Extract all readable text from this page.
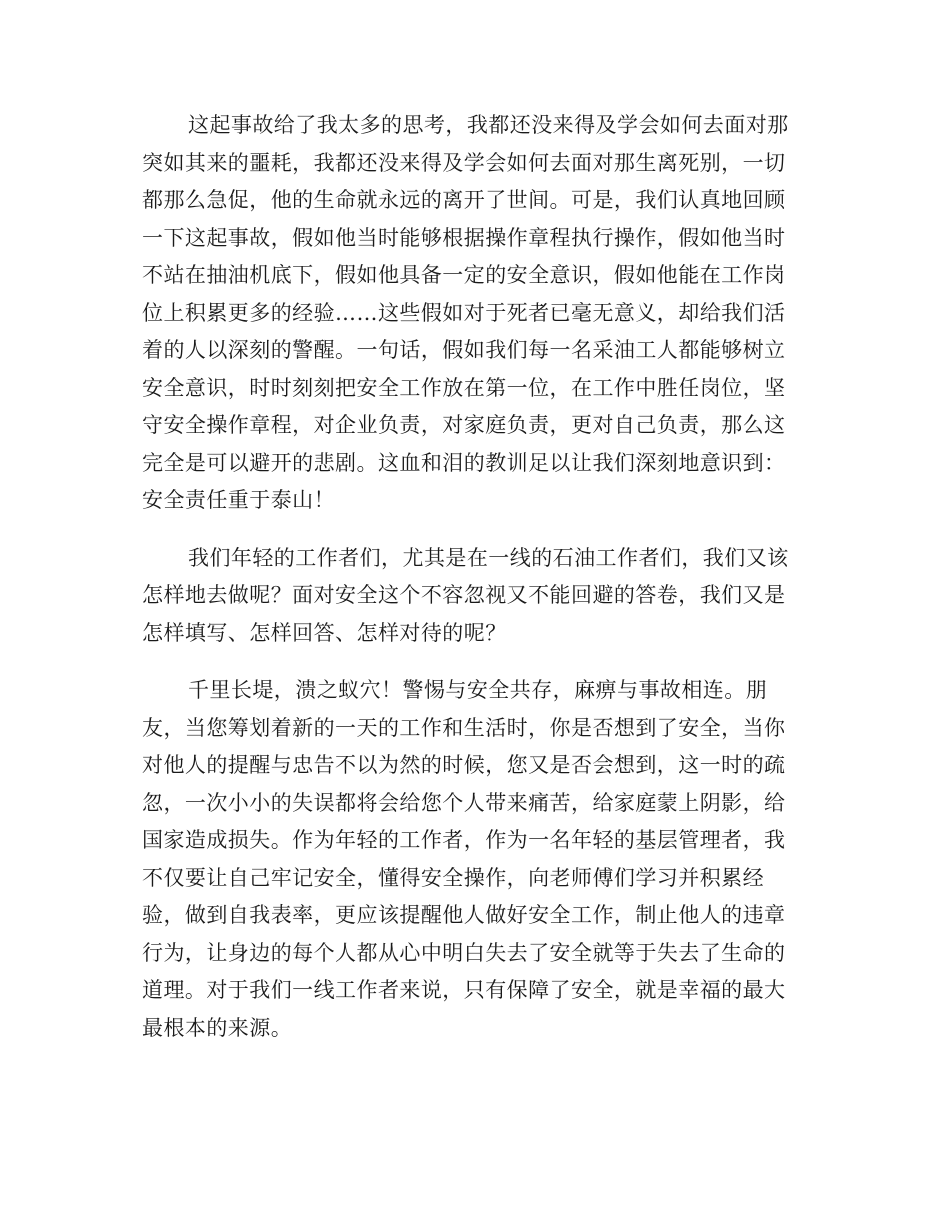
这起事故给了我太多的思考，我都还没来得及学会如何去面对那
突如其来的噩耗，我都还没来得及学会如何去面对那生离死别，一切
都那么急促，他的生命就永远的离开了世间。可是，我们认真地回顾
一下这起事故，假如他当时能够根据操作章程执行操作，假如他当时
不站在抽油机底下，假如他具备一定的安全意识，假如他能在工作岗
位上积累更多的经验……这些假如对于死者已毫无意义，却给我们活
着的人以深刻的警醒。一句话，假如我们每一名采油工人都能够树立
安全意识，时时刻刻把安全工作放在第一位，在工作中胜任岗位，坚
守安全操作章程，对企业负责，对家庭负责，更对自己负责，那么这
完全是可以避开的悲剧。这血和泪的教训足以让我们深刻地意识到：
安全责任重于泰山！
我们年轻的工作者们，尤其是在一线的石油工作者们，我们又该
怎样地去做呢？面对安全这个不容忽视又不能回避的答卷，我们又是
怎样填写、怎样回答、怎样对待的呢？
千里长堤，溃之蚁穴！警惕与安全共存，麻痹与事故相连。朋
友，当您筹划着新的一天的工作和生活时，你是否想到了安全，当你
对他人的提醒与忠告不以为然的时候，您又是否会想到，这一时的疏
忽，一次小小的失误都将会给您个人带来痛苦，给家庭蒙上阴影，给
国家造成损失。作为年轻的工作者，作为一名年轻的基层管理者，我
不仅要让自己牢记安全，懂得安全操作，向老师傅们学习并积累经
验，做到自我表率，更应该提醒他人做好安全工作，制止他人的违章
行为，让身边的每个人都从心中明白失去了安全就等于失去了生命的
道理。对于我们一线工作者来说，只有保障了安全，就是幸福的最大
最根本的来源。
